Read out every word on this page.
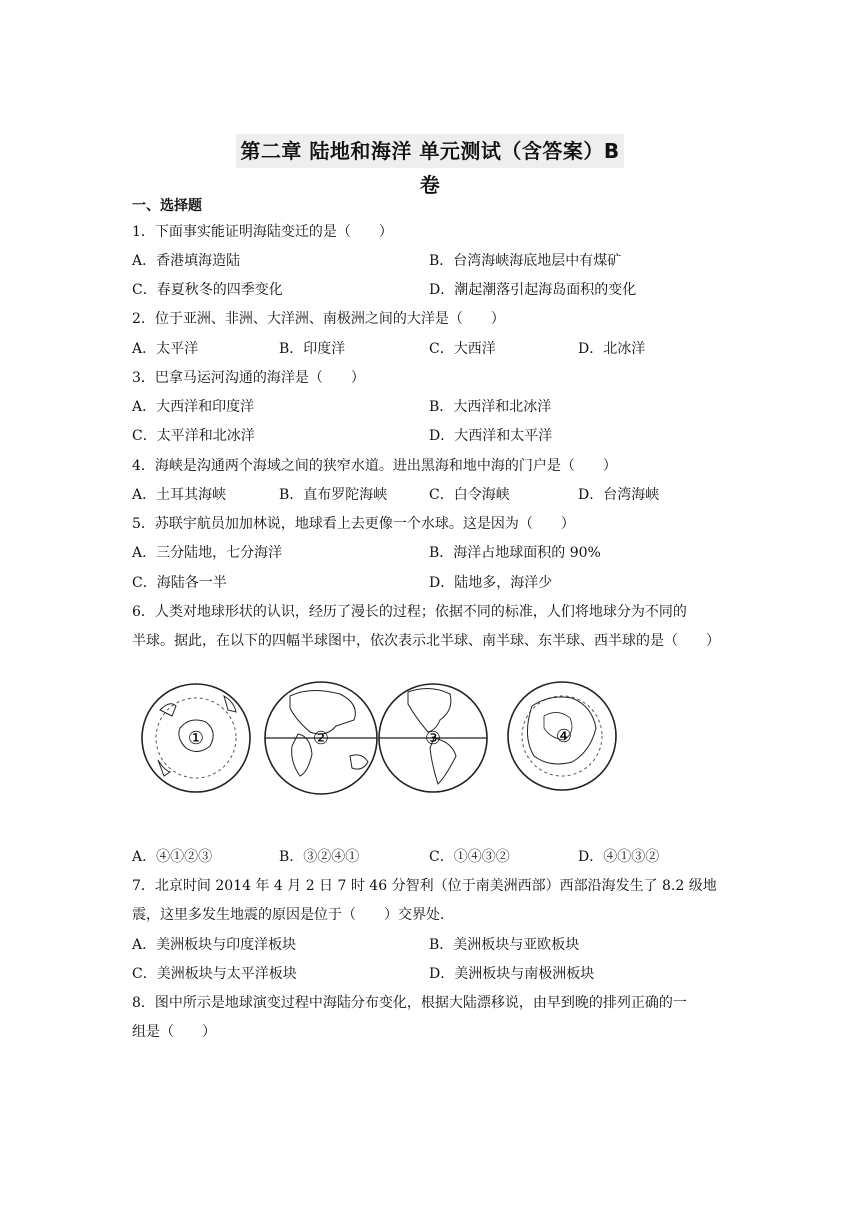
第二章 陆地和海洋 单元测试（含答案）B卷
一、选择题
1．下面事实能证明海陆变迁的是（　　）
A．香港填海造陆	B．台湾海峡海底地层中有煤矿
C．春夏秋冬的四季变化	D．潮起潮落引起海岛面积的变化
2．位于亚洲、非洲、大洋洲、南极洲之间的大洋是（　　）
A．太平洋	B．印度洋	C．大西洋	D．北冰洋
3．巴拿马运河沟通的海洋是（　　）
A．大西洋和印度洋	B．大西洋和北冰洋
C．太平洋和北冰洋	D．大西洋和太平洋
4．海峡是沟通两个海域之间的狭窄水道。进出黑海和地中海的门户是（　　）
A．土耳其海峡	B．直布罗陀海峡	C．白令海峡	D．台湾海峡
5．苏联宇航员加加林说，地球看上去更像一个水球。这是因为（　　）
A．三分陆地，七分海洋	B．海洋占地球面积的 90%
C．海陆各一半	D．陆地多，海洋少
6．人类对地球形状的认识，经历了漫长的过程；依据不同的标准，人们将地球分为不同的
半球。据此，在以下的四幅半球图中，依次表示北半球、南半球、东半球、西半球的是（　　）
①	②	③	④
A．④①②③	B．③②④①	C．①④③②	D．④①③②
7．北京时间 2014 年 4 月 2 日 7 时 46 分智利（位于南美洲西部）西部沿海发生了 8.2 级地
震，这里多发生地震的原因是位于（　　）交界处．
A．美洲板块与印度洋板块	B．美洲板块与亚欧板块
C．美洲板块与太平洋板块	D．美洲板块与南极洲板块
8．图中所示是地球演变过程中海陆分布变化，根据大陆漂移说，由早到晚的排列正确的一
组是（　　）
